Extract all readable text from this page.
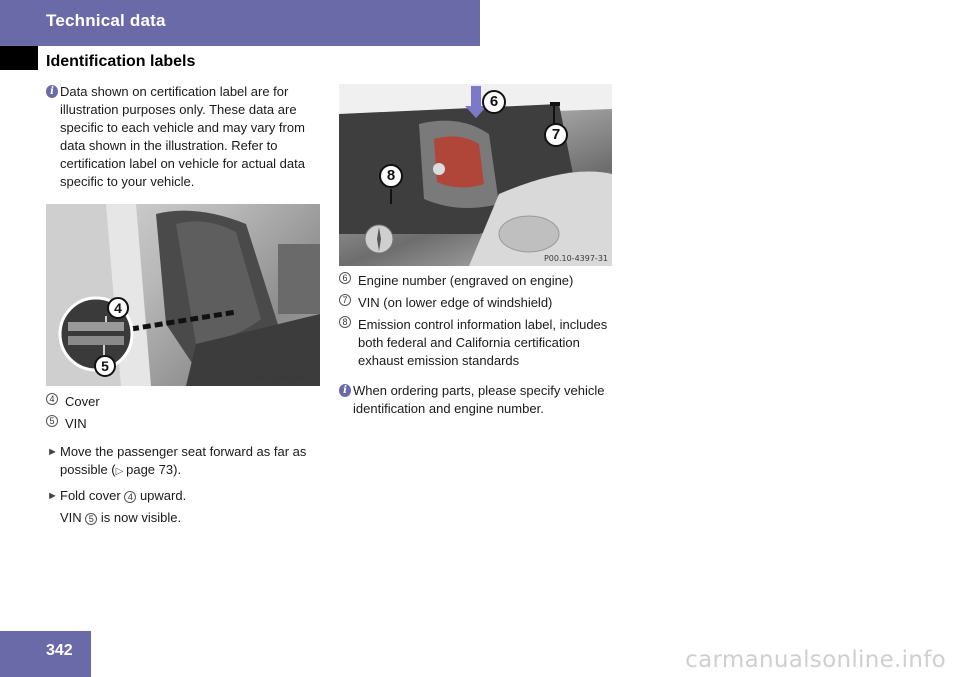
Technical data
Identification labels
i Data shown on certification label are for illustration purposes only. These data are specific to each vehicle and may vary from data shown in the illustration. Refer to certification label on vehicle for actual data specific to your vehicle.
4
5
P00.10-4398-31
4 Cover
5 VIN
► Move the passenger seat forward as far as possible (▷ page 73).
► Fold cover 4 upward.
VIN 5 is now visible.
6
7
8
P00.10-4397-31
6 Engine number (engraved on engine)
7 VIN (on lower edge of windshield)
8 Emission control information label, includes both federal and California certification exhaust emission standards
i When ordering parts, please specify vehicle identification and engine number.
342	carmanualsonline.info
